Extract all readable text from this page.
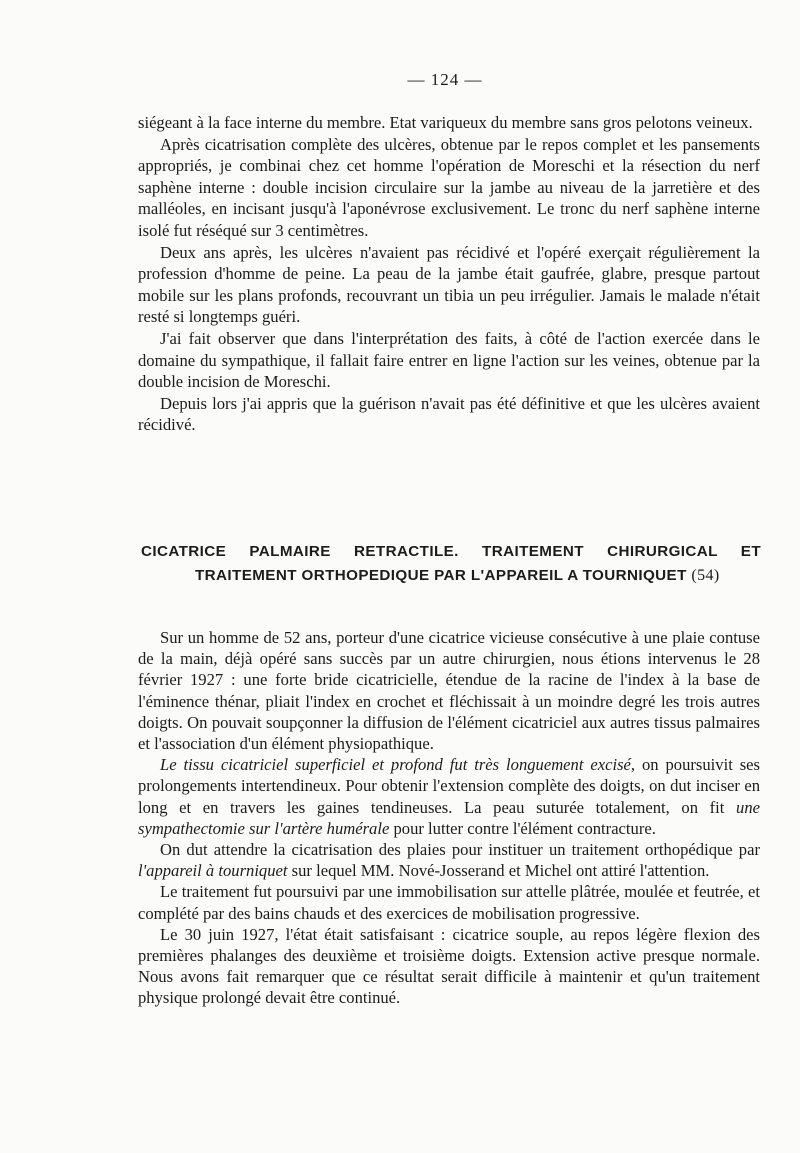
— 124 —

siégeant à la face interne du membre. Etat variqueux du membre sans gros pelotons veineux.

Après cicatrisation complète des ulcères, obtenue par le repos complet et les pansements appropriés, je combinai chez cet homme l'opération de Moreschi et la résection du nerf saphène interne : double incision circulaire sur la jambe au niveau de la jarretière et des malléoles, en incisant jusqu'à l'aponévrose exclusivement. Le tronc du nerf saphène interne isolé fut réséqué sur 3 centimètres.

Deux ans après, les ulcères n'avaient pas récidivé et l'opéré exerçait régulièrement la profession d'homme de peine. La peau de la jambe était gaufrée, glabre, presque partout mobile sur les plans profonds, recouvrant un tibia un peu irrégulier. Jamais le malade n'était resté si longtemps guéri.

J'ai fait observer que dans l'interprétation des faits, à côté de l'action exercée dans le domaine du sympathique, il fallait faire entrer en ligne l'action sur les veines, obtenue par la double incision de Moreschi.

Depuis lors j'ai appris que la guérison n'avait pas été définitive et que les ulcères avaient récidivé.

CICATRICE PALMAIRE RETRACTILE. TRAITEMENT CHIRURGICAL ET
TRAITEMENT ORTHOPEDIQUE PAR L'APPAREIL A TOURNIQUET (54)

Sur un homme de 52 ans, porteur d'une cicatrice vicieuse consécutive à une plaie contuse de la main, déjà opéré sans succès par un autre chirurgien, nous étions intervenus le 28 février 1927 : une forte bride cicatricielle, étendue de la racine de l'index à la base de l'éminence thénar, pliait l'index en crochet et fléchissait à un moindre degré les trois autres doigts. On pouvait soupçonner la diffusion de l'élément cicatriciel aux autres tissus palmaires et l'association d'un élément physiopathique.

Le tissu cicatriciel superficiel et profond fut très longuement excisé, on poursuivit ses prolongements intertendineux. Pour obtenir l'extension complète des doigts, on dut inciser en long et en travers les gaines tendineuses. La peau suturée totalement, on fit une sympathectomie sur l'artère humérale pour lutter contre l'élément contracture.

On dut attendre la cicatrisation des plaies pour instituer un traitement orthopédique par l'appareil à tourniquet sur lequel MM. Nové-Josserand et Michel ont attiré l'attention.

Le traitement fut poursuivi par une immobilisation sur attelle plâtrée, moulée et feutrée, et complété par des bains chauds et des exercices de mobilisation progressive.

Le 30 juin 1927, l'état était satisfaisant : cicatrice souple, au repos légère flexion des premières phalanges des deuxième et troisième doigts. Extension active presque normale. Nous avons fait remarquer que ce résultat serait difficile à maintenir et qu'un traitement physique prolongé devait être continué.
